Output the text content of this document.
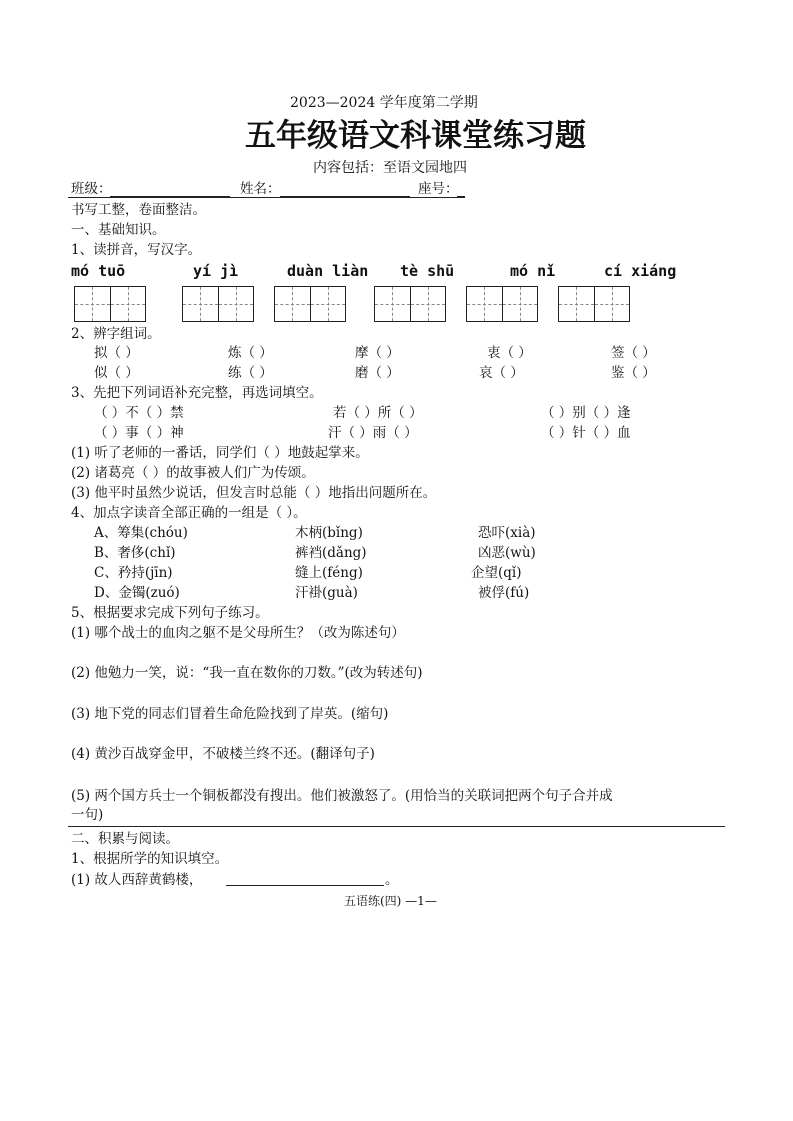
2023—2024 学年度第二学期
五年级语文科课堂练习题
内容包括：至语文园地四
班级：	姓名：	座号：
书写工整，卷面整洁。
一、基础知识。
1、读拼音，写汉字。
mó tuō	yí jì	duàn liàn tè shū	mó nǐ	cí xiáng
2、辨字组词。
拟（ ）	炼（ ）	摩（ ）	衷（ ）	签（ ）
似（ ）	练（ ）	磨（ ）	哀（ ）	鉴（ ）
3、先把下列词语补充完整，再选词填空。
（ ）不（ ）禁	若（ ）所（ ）	（ ）别（ ）逢
（ ）事（ ）神	汗（ ）雨（ ）	（ ）针（ ）血
(1) 听了老师的一番话，同学们（ ）地鼓起掌来。
(2) 诸葛亮（ ）的故事被人们广为传颂。
(3) 他平时虽然少说话，但发言时总能（ ）地指出问题所在。
4、加点字读音全部正确的一组是（ ）。
A、筹集(chóu)	木柄(bǐng)	恐吓(xià)
B、奢侈(chǐ)	裤裆(dǎng)	凶恶(wù)
C、矜持(jīn)	缝上(féng)	企望(qǐ)
D、金镯(zuó)	汗褂(guà)	被俘(fú)
5、根据要求完成下列句子练习。
(1) 哪个战士的血肉之躯不是父母所生？（改为陈述句）
(2) 他勉力一笑，说：“我一直在数你的刀数。”(改为转述句)
(3) 地下党的同志们冒着生命危险找到了岸英。(缩句)
(4) 黄沙百战穿金甲，不破楼兰终不还。(翻译句子)
(5) 两个国方兵士一个铜板都没有搜出。他们被激怒了。(用恰当的关联词把两个句子合并成
一句)
二、积累与阅读。
1、根据所学的知识填空。
(1) 故人西辞黄鹤楼，	。
五语练(四) —1—
